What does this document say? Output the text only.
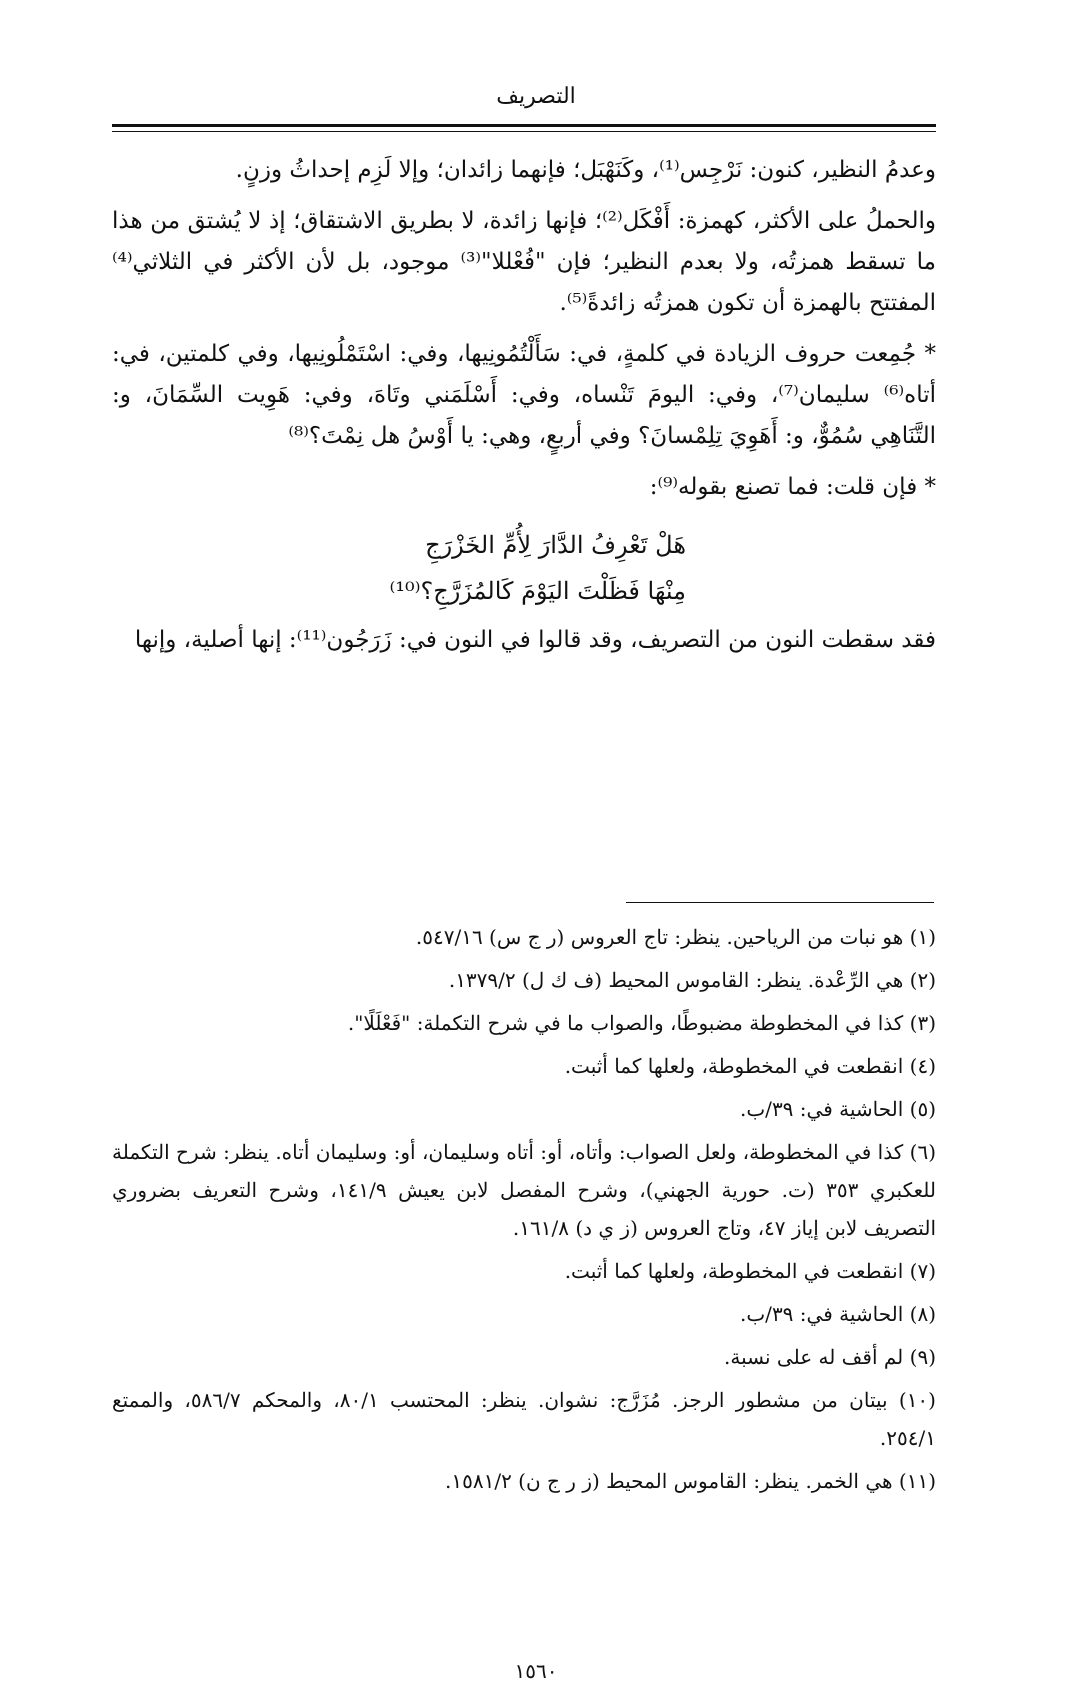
التصريف

وعدمُ النظير، كنون: نَرْجِس⁽¹⁾، وكَنَهْبَل؛ فإنهما زائدان؛ وإلا لَزِم إحداثُ وزنٍ.

والحملُ على الأكثر، كهمزة: أَفْكَل⁽²⁾؛ فإنها زائدة، لا بطريق الاشتقاق؛ إذ لا يُشتق من هذا ما تسقط همزتُه، ولا بعدم النظير؛ فإن "فُعْللا"⁽³⁾ موجود، بل لأن الأكثر في الثلاثي⁽⁴⁾ المفتتح بالهمزة أن تكون همزتُه زائدةً⁽⁵⁾.

* جُمِعت حروف الزيادة في كلمةٍ، في: سَأَلْتُمُونِيها، وفي: اسْتَمْلُونِيها، وفي كلمتين، في: أتاه⁽⁶⁾ سليمان⁽⁷⁾، وفي: اليومَ تَنْساه، وفي: أَسْلَمَني وتَاهَ، وفي: هَوِيت السِّمَانَ، و: التَّنَاهِي سُمُوٌّ، و: أَهَوِيَ تِلِمْسانَ؟ وفي أربعٍ، وهي: يا أَوْسُ هل نِمْتَ؟⁽⁸⁾

* فإن قلت: فما تصنع بقوله⁽⁹⁾:

هَلْ تَعْرِفُ الدَّارَ لِأُمِّ الخَزْرَجِ
مِنْهَا فَظَلْتَ اليَوْمَ كَالمُزَرَّجِ؟⁽¹⁰⁾

فقد سقطت النون من التصريف، وقد قالوا في النون في: زَرَجُون⁽¹¹⁾: إنها أصلية، وإنها

(١) هو نبات من الرياحين. ينظر: تاج العروس (ر ج س) ٥٤٧/١٦.

(٢) هي الرِّعْدة. ينظر: القاموس المحيط (ف ك ل) ١٣٧٩/٢.

(٣) كذا في المخطوطة مضبوطًا، والصواب ما في شرح التكملة: "فَعْلَلًا".

(٤) انقطعت في المخطوطة، ولعلها كما أثبت.

(٥) الحاشية في: ٣٩/ب.

(٦) كذا في المخطوطة، ولعل الصواب: وأتاه، أو: أتاه وسليمان، أو: وسليمان أتاه. ينظر: شرح التكملة للعكبري ٣٥٣ (ت. حورية الجهني)، وشرح المفصل لابن يعيش ١٤١/٩، وشرح التعريف بضروري التصريف لابن إياز ٤٧، وتاج العروس (ز ي د) ١٦١/٨.

(٧) انقطعت في المخطوطة، ولعلها كما أثبت.

(٨) الحاشية في: ٣٩/ب.

(٩) لم أقف له على نسبة.

(١٠) بيتان من مشطور الرجز. مُزَرَّج: نشوان. ينظر: المحتسب ٨٠/١، والمحكم ٥٨٦/٧، والممتع ٢٥٤/١.

(١١) هي الخمر. ينظر: القاموس المحيط (ز ر ج ن) ١٥٨١/٢.

١٥٦٠
